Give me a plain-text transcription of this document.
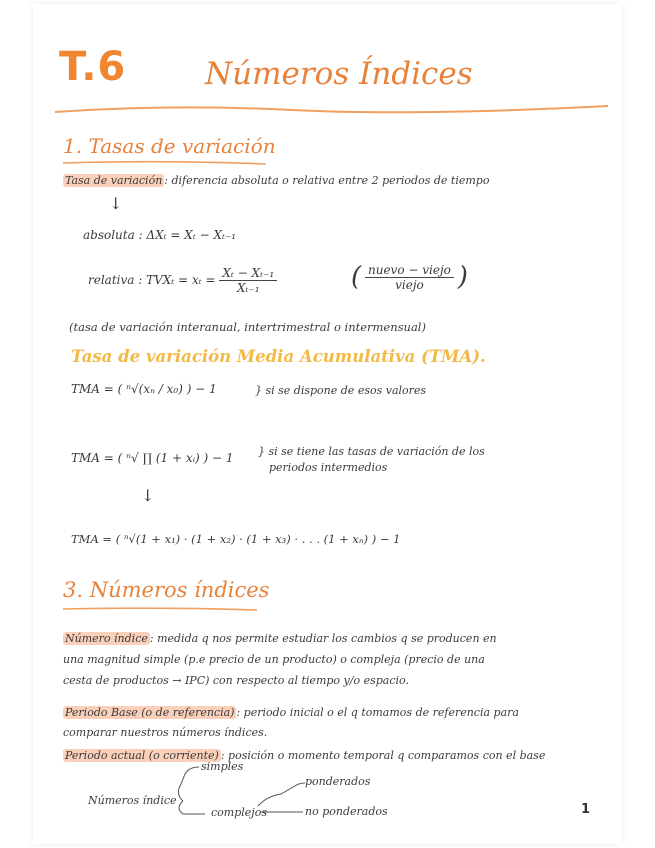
T.6	Números Índices
1. Tasas de variación
Tasa de variación : diferencia absoluta o relativa entre 2 periodos de tiempo
↓
absoluta : ΔXₜ = Xₜ − Xₜ₋₁
relativa : $TVX_t = x_t = \frac{\text{Xₜ − Xₜ₋₁}}{\text{Xₜ₋₁}}$	( $\frac{\text{nuevo − viejo}}{\text{viejo}}$ )
(tasa de variación interanual, intertrimestral o intermensual)
Tasa de variación Media Acumulativa (TMA).
TMA = ( ⁿ√(xₙ / x₀) ) − 1	} si se dispone de esos valores
TMA = ( ⁿ√ ∏ (1 + xᵢ) ) − 1 } si se tiene las tasas de variación de los
periodos intermedios
↓
TMA = ( ⁿ√(1 + x₁) · (1 + x₂) · (1 + x₃) · . . . (1 + xₙ) ) − 1
3. Números índices
Número índice : medida q nos permite estudiar los cambios q se producen en
una magnitud simple (p.e precio de un producto) o compleja (precio de una
cesta de productos → IPC) con respecto al tiempo y/o espacio.
Periodo Base (o de referencia) : periodo inicial o el q tomamos de referencia para
comparar nuestros números índices.
Periodo actual (o corriente) : posición o momento temporal q comparamos con el base
Números índice
simples
complejos
ponderados
no ponderados	1
